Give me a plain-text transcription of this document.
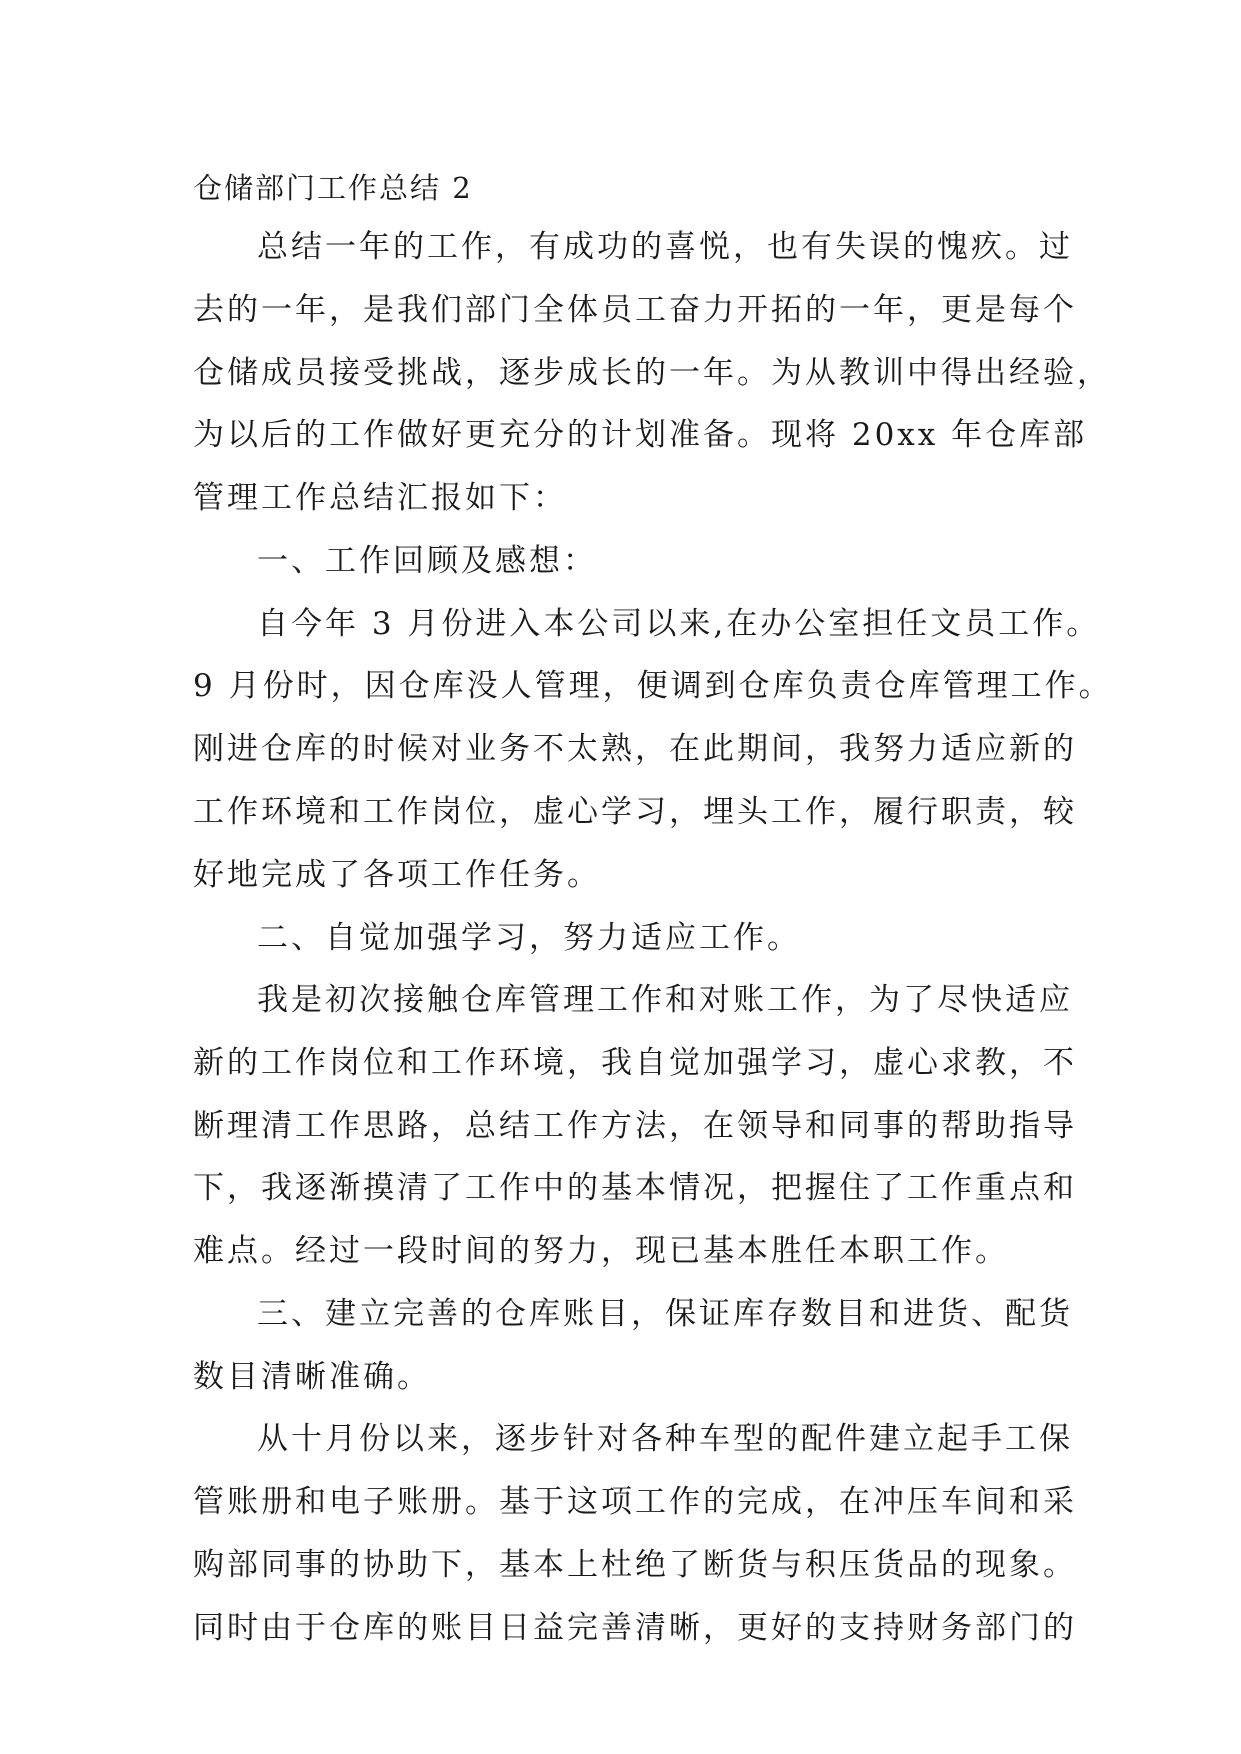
仓储部门工作总结 2

总结一年的工作，有成功的喜悦，也有失误的愧疚。过

去的一年，是我们部门全体员工奋力开拓的一年，更是每个

仓储成员接受挑战，逐步成长的一年。为从教训中得出经验，

为以后的工作做好更充分的计划准备。现将 20xx 年仓库部

管理工作总结汇报如下：

一、工作回顾及感想：

自今年 3 月份进入本公司以来,在办公室担任文员工作。

9 月份时，因仓库没人管理，便调到仓库负责仓库管理工作。

刚进仓库的时候对业务不太熟，在此期间，我努力适应新的

工作环境和工作岗位，虚心学习，埋头工作，履行职责，较

好地完成了各项工作任务。

二、自觉加强学习，努力适应工作。

我是初次接触仓库管理工作和对账工作，为了尽快适应

新的工作岗位和工作环境，我自觉加强学习，虚心求教，不

断理清工作思路，总结工作方法，在领导和同事的帮助指导

下，我逐渐摸清了工作中的基本情况，把握住了工作重点和

难点。经过一段时间的努力，现已基本胜任本职工作。

三、建立完善的仓库账目，保证库存数目和进货、配货

数目清晰准确。

从十月份以来，逐步针对各种车型的配件建立起手工保

管账册和电子账册。基于这项工作的完成，在冲压车间和采

购部同事的协助下，基本上杜绝了断货与积压货品的现象。

同时由于仓库的账目日益完善清晰，更好的支持财务部门的
